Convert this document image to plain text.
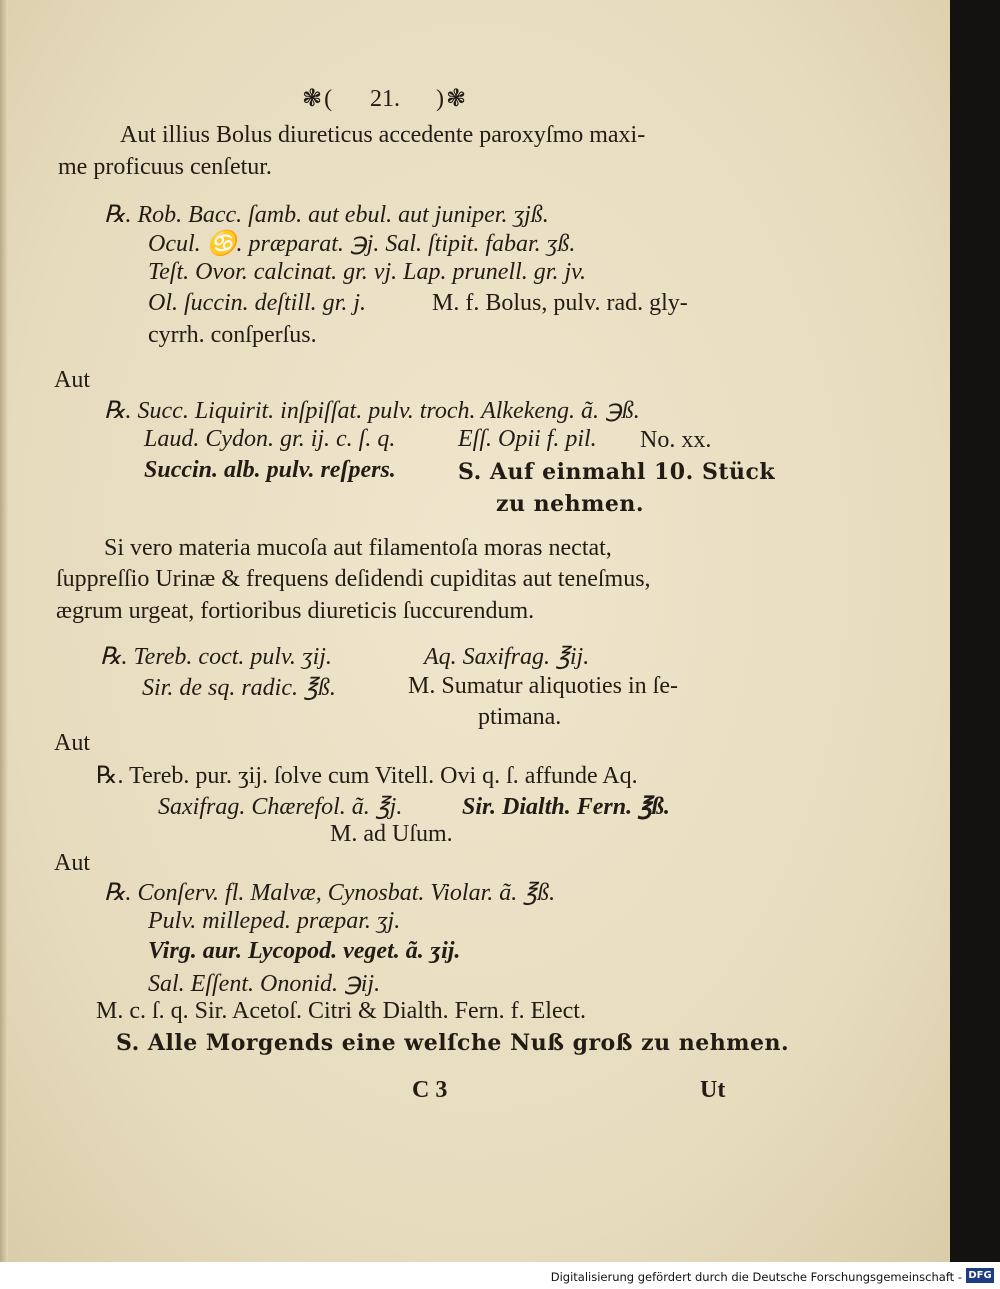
❃( 21. )❃
Aut illius Bolus diureticus accedente paroxyſmo maxi-
me proficuus cenſetur.
℞. Rob. Bacc. ſamb. aut ebul. aut juniper. ʒjß.
Ocul. ♋. præparat. ℈j. Sal. ſtipit. fabar. ʒß.
Teſt. Ovor. calcinat. gr. vj. Lap. prunell. gr. jv.
Ol. ſuccin. deſtill. gr. j.	M. f. Bolus, pulv. rad. gly-
cyrrh. conſperſus.
Aut
℞. Succ. Liquirit. inſpiſſat. pulv. troch. Alkekeng. ã. ℈ß.
Laud. Cydon. gr. ij. c. ſ. q.	Eſſ. Opii f. pil. No. xx.
Succin. alb. pulv. reſpers.	S. Auf einmahl 10. Stück
zu nehmen.
Si vero materia mucoſa aut filamentoſa moras nectat,
ſuppreſſio Urinæ & frequens deſidendi cupiditas aut teneſmus,
ægrum urgeat, fortioribus diureticis ſuccurendum.
℞. Tereb. coct. pulv. ʒij.	Aq. Saxifrag. ℥ij.
Sir. de sq. radic. ℥ß.	M. Sumatur aliquoties in ſe-
ptimana.
Aut
℞. Tereb. pur. ʒij. ſolve cum Vitell. Ovi q. ſ. affunde Aq.
Saxifrag. Chærefol. ã. ℥j. Sir. Dialth. Fern. ℥ß.
M. ad Uſum.
Aut
℞. Conſerv. fl. Malvæ, Cynosbat. Violar. ã. ℥ß.
Pulv. milleped. præpar. ʒj.
Virg. aur. Lycopod. veget. ã. ʒij.
Sal. Eſſent. Ononid. ℈ij.
M. c. ſ. q. Sir. Acetoſ. Citri & Dialth. Fern. f. Elect.
S. Alle Morgends eine welſche Nuß groß zu nehmen.
C 3	Ut
Digitalisierung gefördert durch die Deutsche Forschungsgemeinschaft - DFG
